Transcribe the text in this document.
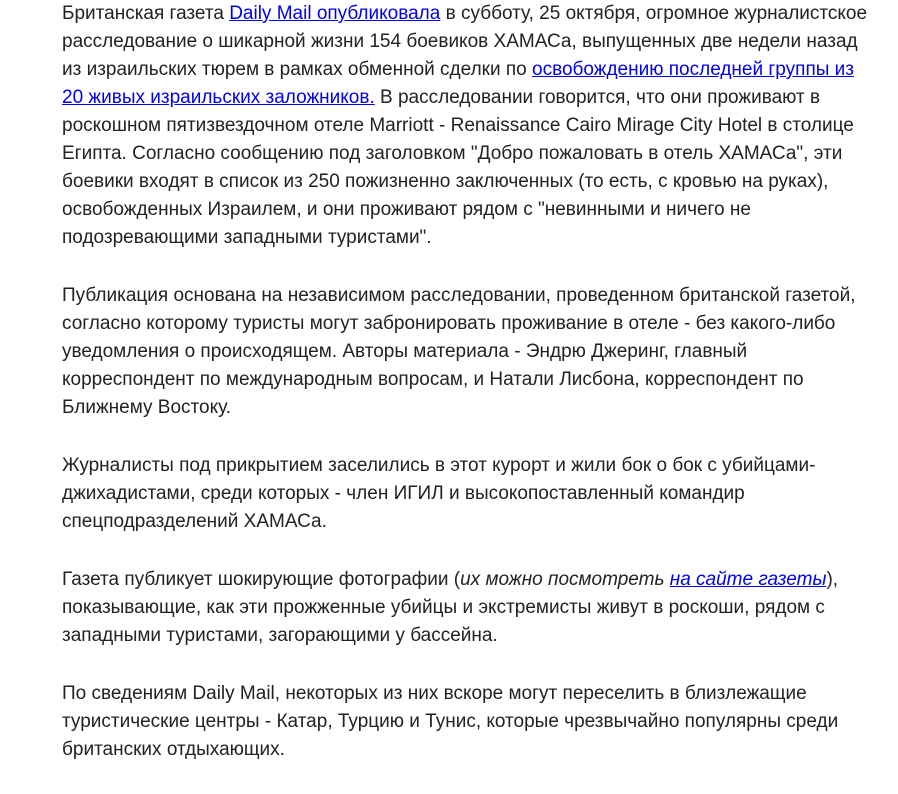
Британская газета Daily Mail опубликовала в субботу, 25 октября, огромное журналистское расследование о шикарной жизни 154 боевиков ХАМАСа, выпущенных две недели назад из израильских тюрем в рамках обменной сделки по освобождению последней группы из 20 живых израильских заложников. В расследовании говорится, что они проживают в роскошном пятизвездочном отеле Marriott - Renaissance Cairo Mirage City Hotel в столице Египта. Согласно сообщению под заголовком "Добро пожаловать в отель ХАМАСа", эти боевики входят в список из 250 пожизненно заключенных (то есть, с кровью на руках), освобожденных Израилем, и они проживают рядом с "невинными и ничего не подозревающими западными туристами".

Публикация основана на независимом расследовании, проведенном британской газетой, согласно которому туристы могут забронировать проживание в отеле - без какого-либо уведомления о происходящем. Авторы материала - Эндрю Джеринг, главный корреспондент по международным вопросам, и Натали Лисбона, корреспондент по Ближнему Востоку.

Журналисты под прикрытием заселились в этот курорт и жили бок о бок с убийцами-джихадистами, среди которых - член ИГИЛ и высокопоставленный командир спецподразделений ХАМАСа.

Газета публикует шокирующие фотографии (их можно посмотреть на сайте газеты), показывающие, как эти прожженные убийцы и экстремисты живут в роскоши, рядом с западными туристами, загорающими у бассейна.

По сведениям Daily Mail, некоторых из них вскоре могут переселить в близлежащие туристические центры - Катар, Турцию и Тунис, которые чрезвычайно популярны среди британских отдыхающих.
